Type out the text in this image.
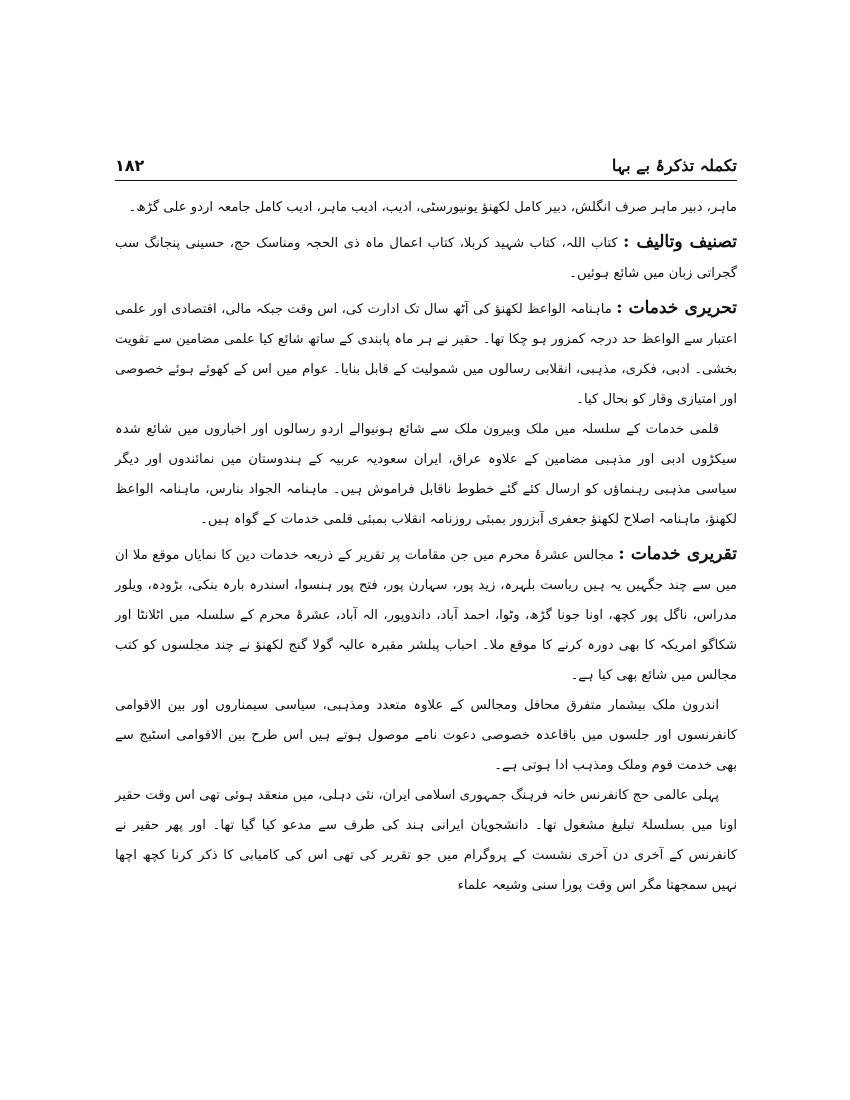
تکملہ تذکرۂ بے بہا
۱۸۲

ماہر، دبیر ماہر صرف انگلش، دبیر کامل لکھنؤ یونیورسٹی، ادیب، ادیب ماہر، ادیب کامل جامعہ اردو علی گڑھ۔

تصنیف وتالیف : کتاب اللہ، کتاب شہید کربلا، کتاب اعمال ماہ ذی الحجہ ومناسک حج، حسینی پنجانگ سب گجراتی زبان میں شائع ہوئیں۔

تحریری خدمات : ماہنامہ الواعظ لکھنؤ کی آٹھ سال تک ادارت کی، اس وقت جبکہ مالی، اقتصادی اور علمی اعتبار سے الواعظ حد درجہ کمزور ہو چکا تھا۔ حقیر نے ہر ماہ پابندی کے ساتھ شائع کیا علمی مضامین سے تقویت بخشی۔ ادبی، فکری، مذہبی، انقلابی رسالوں میں شمولیت کے قابل بنایا۔ عوام میں اس کے کھوئے ہوئے خصوصی اور امتیازی وقار کو بحال کیا۔

قلمی خدمات کے سلسلہ میں ملک وبیرون ملک سے شائع ہونیوالے اردو رسالوں اور اخباروں میں شائع شدہ سیکڑوں ادبی اور مذہبی مضامین کے علاوہ عراق، ایران سعودیہ عربیہ کے ہندوستان میں نمائندوں اور دیگر سیاسی مذہبی رہنماؤں کو ارسال کئے گئے خطوط ناقابل فراموش ہیں۔ ماہنامہ الجواد بنارس، ماہنامہ الواعظ لکھنؤ، ماہنامہ اصلاح لکھنؤ جعفری آبزرور بمبئی روزنامہ انقلاب بمبئی قلمی خدمات کے گواہ ہیں۔

تقریری خدمات : مجالس عشرۂ محرم میں جن مقامات پر تقریر کے ذریعہ خدمات دین کا نمایاں موقع ملا ان میں سے چند جگہیں یہ ہیں ریاست بلہرہ، زید پور، سہارن پور، فتح پور ہنسوا، اسندرہ بارہ بنکی، بڑودہ، ویلور مدراس، ناگل پور کچھ، اونا جونا گڑھ، وٹوا، احمد آباد، داندوپور، الہ آباد، عشرۂ محرم کے سلسلہ میں اٹلانٹا اور شکاگو امریکہ کا بھی دورہ کرنے کا موقع ملا۔ احباب پبلشر مقبرہ عالیہ گولا گنج لکھنؤ نے چند مجلسوں کو کتب مجالس میں شائع بھی کیا ہے۔

اندرون ملک بیشمار متفرق محافل ومجالس کے علاوہ متعدد ومذہبی، سیاسی سیمناروں اور بین الاقوامی کانفرنسوں اور جلسوں میں باقاعدہ خصوصی دعوت نامے موصول ہوتے ہیں اس طرح بین الاقوامی اسٹیج سے بھی خدمت قوم وملک ومذہب ادا ہوتی ہے۔

پہلی عالمی حج کانفرنس خانہ فرہنگ جمہوری اسلامی ایران، نئی دہلی، میں منعقد ہوئی تھی اس وقت حقیر اونا میں بسلسلۂ تبلیغ مشغول تھا۔ دانشجویان ایرانی ہند کی طرف سے مدعو کیا گیا تھا۔ اور پھر حقیر نے کانفرنس کے آخری دن آخری نشست کے پروگرام میں جو تقریر کی تھی اس کی کامیابی کا ذکر کرنا کچھ اچھا نہیں سمجھتا مگر اس وقت پورا سنی وشیعہ علماء
